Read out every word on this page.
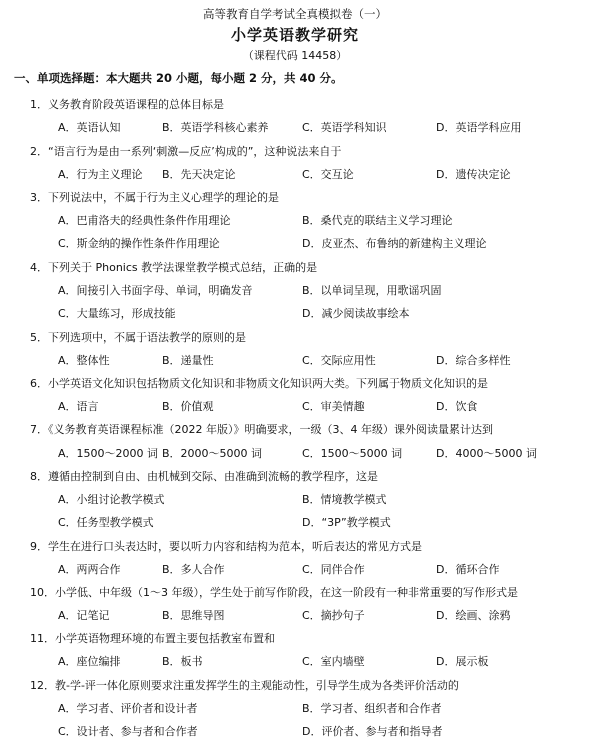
高等教育自学考试全真模拟卷（一）
小学英语教学研究
（课程代码 14458）
一、单项选择题：本大题共 20 小题，每小题 2 分，共 40 分。
1．义务教育阶段英语课程的总体目标是
A．英语认知	B．英语学科核心素养	C．英语学科知识	D．英语学科应用
2．“语言行为是由一系列‘刺激—反应’构成的”，这种说法来自于
A．行为主义理论 B．先天决定论	C．交互论	D．遗传决定论
3．下列说法中，不属于行为主义心理学的理论的是
A．巴甫洛夫的经典性条件作用理论	B．桑代克的联结主义学习理论
C．斯金纳的操作性条件作用理论	D．皮亚杰、布鲁纳的新建构主义理论
4．下列关于 Phonics 教学法课堂教学模式总结，正确的是
A．间接引入书面字母、单词，明确发音	B．以单词呈现，用歌谣巩固
C．大量练习，形成技能	D．减少阅读故事绘本
5．下列选项中，不属于语法教学的原则的是
A．整体性	B．递量性	C．交际应用性	D．综合多样性
6．小学英语文化知识包括物质文化知识和非物质文化知识两大类。下列属于物质文化知识的是
A．语言	B．价值观	C．审美情趣	D．饮食
7．《义务教育英语课程标准（2022 年版）》明确要求，一级（3、4 年级）课外阅读量累计达到
A．1500～2000 词 B．2000～5000 词	C．1500～5000 词	D．4000～5000 词
8．遵循由控制到自由、由机械到交际、由准确到流畅的教学程序，这是
A．小组讨论教学模式	B．情境教学模式
C．任务型教学模式	D．“3P”教学模式
9．学生在进行口头表达时，要以听力内容和结构为范本，听后表达的常见方式是
A．两两合作	B．多人合作	C．同伴合作	D．循环合作
10．小学低、中年级（1～3 年级），学生处于前写作阶段，在这一阶段有一种非常重要的写作形式是
A．记笔记	B．思维导图	C．摘抄句子	D．绘画、涂鸦
11．小学英语物理环境的布置主要包括教室布置和
A．座位编排	B．板书	C．室内墙壁	D．展示板
12．教-学-评一体化原则要求注重发挥学生的主观能动性，引导学生成为各类评价活动的
A．学习者、评价者和设计者	B．学习者、组织者和合作者
C．设计者、参与者和合作者	D．评价者、参与者和指导者
